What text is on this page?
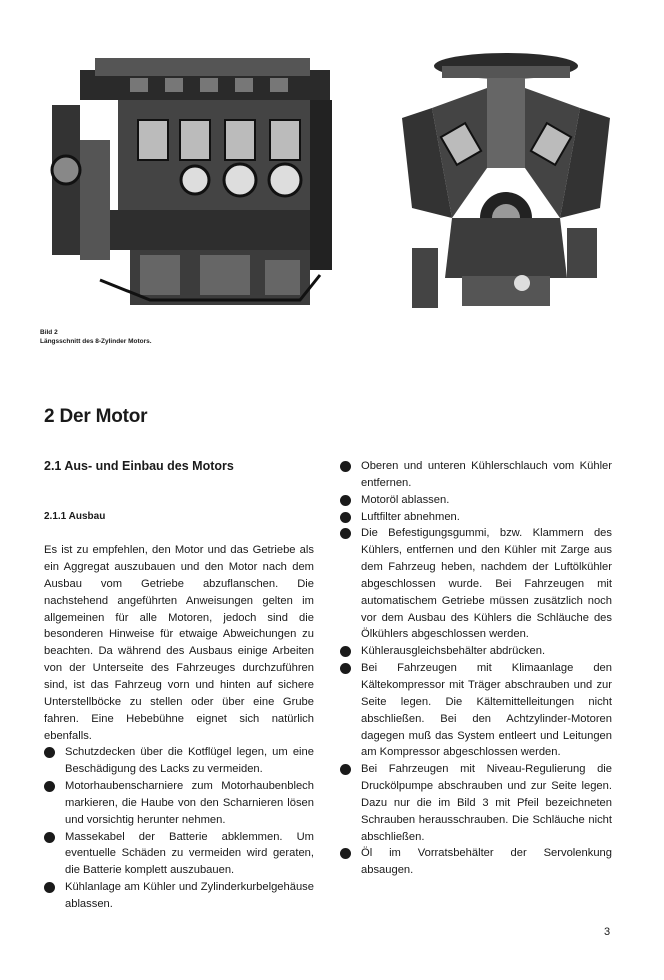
Bild 2
Längsschnitt des 8-Zylinder Motors.
2 Der Motor
2.1 Aus- und Einbau des Motors
2.1.1 Ausbau

Es ist zu empfehlen, den Motor und das Getriebe als ein Aggregat auszubauen und den Motor nach dem Ausbau vom Getriebe abzuflanschen. Die nachstehend angeführten Anweisungen gelten im allgemeinen für alle Motoren, jedoch sind die besonderen Hinweise für etwaige Abweichungen zu beachten. Da während des Ausbaus einige Arbeiten von der Unterseite des Fahrzeuges durchzuführen sind, ist das Fahrzeug vorn und hinten auf sichere Unterstellböcke zu stellen oder über eine Grube fahren. Eine Hebebühne eignet sich natürlich ebenfalls.

Schutzdecken über die Kotflügel legen, um eine Beschädigung des Lacks zu vermeiden.
Motorhaubenscharniere zum Motorhaubenblech markieren, die Haube von den Scharnieren lösen und vorsichtig herunter nehmen.
Massekabel der Batterie abklemmen. Um eventuelle Schäden zu vermeiden wird geraten, die Batterie komplett auszubauen.
Kühlanlage am Kühler und Zylinderkurbelgehäuse ablassen.
Oberen und unteren Kühlerschlauch vom Kühler entfernen.
Motoröl ablassen.
Luftfilter abnehmen.
Die Befestigungsgummi, bzw. Klammern des Kühlers, entfernen und den Kühler mit Zarge aus dem Fahrzeug heben, nachdem der Luftölkühler abgeschlossen wurde. Bei Fahrzeugen mit automatischem Getriebe müssen zusätzlich noch vor dem Ausbau des Kühlers die Schläuche des Ölkühlers abgeschlossen werden.
Kühlerausgleichsbehälter abdrücken.
Bei Fahrzeugen mit Klimaanlage den Kältekompressor mit Träger abschrauben und zur Seite legen. Die Kältemittelleitungen nicht abschließen. Bei den Achtzylinder-Motoren dagegen muß das System entleert und Leitungen am Kompressor abgeschlossen werden.
Bei Fahrzeugen mit Niveau-Regulierung die Druckölpumpe abschrauben und zur Seite legen. Dazu nur die im Bild 3 mit Pfeil bezeichneten Schrauben herausschrauben. Die Schläuche nicht abschließen.
Öl im Vorratsbehälter der Servolenkung absaugen.
3
